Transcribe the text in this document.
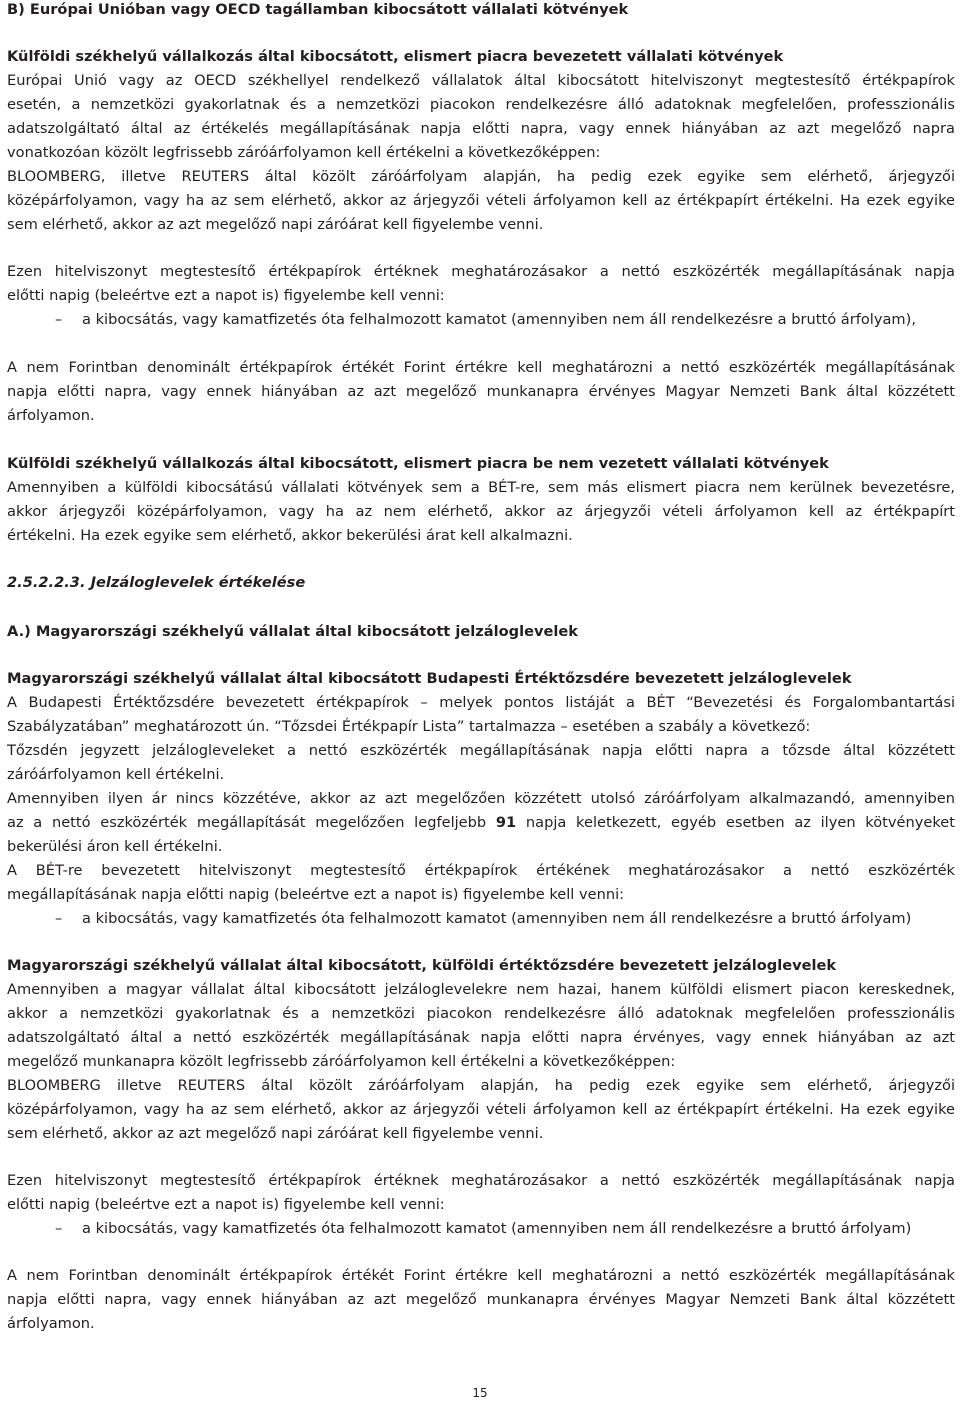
B) Európai Unióban vagy OECD tagállamban kibocsátott vállalati kötvények
Külföldi székhelyű vállalkozás által kibocsátott, elismert piacra bevezetett vállalati kötvények
Európai Unió vagy az OECD székhellyel rendelkező vállalatok által kibocsátott hitelviszonyt megtestesítő értékpapírok
esetén, a nemzetközi gyakorlatnak és a nemzetközi piacokon rendelkezésre álló adatoknak megfelelően, professzionális
adatszolgáltató által az értékelés megállapításának napja előtti napra, vagy ennek hiányában az azt megelőző napra
vonatkozóan közölt legfrissebb záróárfolyamon kell értékelni a következőképpen:
BLOOMBERG, illetve REUTERS által közölt záróárfolyam alapján, ha pedig ezek egyike sem elérhető, árjegyzői
középárfolyamon, vagy ha az sem elérhető, akkor az árjegyzői vételi árfolyamon kell az értékpapírt értékelni. Ha ezek egyike
sem elérhető, akkor az azt megelőző napi záróárat kell figyelembe venni.
Ezen hitelviszonyt megtestesítő értékpapírok értéknek meghatározásakor a nettó eszközérték megállapításának napja
előtti napig (beleértve ezt a napot is) figyelembe kell venni:
– a kibocsátás, vagy kamatfizetés óta felhalmozott kamatot (amennyiben nem áll rendelkezésre a bruttó árfolyam),
A nem Forintban denominált értékpapírok értékét Forint értékre kell meghatározni a nettó eszközérték megállapításának
napja előtti napra, vagy ennek hiányában az azt megelőző munkanapra érvényes Magyar Nemzeti Bank által közzétett
árfolyamon.
Külföldi székhelyű vállalkozás által kibocsátott, elismert piacra be nem vezetett vállalati kötvények
Amennyiben a külföldi kibocsátású vállalati kötvények sem a BÉT-re, sem más elismert piacra nem kerülnek bevezetésre,
akkor árjegyzői középárfolyamon, vagy ha az nem elérhető, akkor az árjegyzői vételi árfolyamon kell az értékpapírt
értékelni. Ha ezek egyike sem elérhető, akkor bekerülési árat kell alkalmazni.
2.5.2.2.3. Jelzáloglevelek értékelése
A.) Magyarországi székhelyű vállalat által kibocsátott jelzáloglevelek
Magyarországi székhelyű vállalat által kibocsátott Budapesti Értéktőzsdére bevezetett jelzáloglevelek
A Budapesti Értéktőzsdére bevezetett értékpapírok – melyek pontos listáját a BÉT “Bevezetési és Forgalombantartási
Szabályzatában” meghatározott ún. “Tőzsdei Értékpapír Lista” tartalmazza – esetében a szabály a következő:
Tőzsdén jegyzett jelzálogleveleket a nettó eszközérték megállapításának napja előtti napra a tőzsde által közzétett
záróárfolyamon kell értékelni.
Amennyiben ilyen ár nincs közzétéve, akkor az azt megelőzően közzétett utolsó záróárfolyam alkalmazandó, amennyiben
az a nettó eszközérték megállapítását megelőzően legfeljebb 91 napja keletkezett, egyéb esetben az ilyen kötvényeket
bekerülési áron kell értékelni.
A BÉT-re bevezetett hitelviszonyt megtestesítő értékpapírok értékének meghatározásakor a nettó eszközérték
megállapításának napja előtti napig (beleértve ezt a napot is) figyelembe kell venni:
– a kibocsátás, vagy kamatfizetés óta felhalmozott kamatot (amennyiben nem áll rendelkezésre a bruttó árfolyam)
Magyarországi székhelyű vállalat által kibocsátott, külföldi értéktőzsdére bevezetett jelzáloglevelek
Amennyiben a magyar vállalat által kibocsátott jelzáloglevelekre nem hazai, hanem külföldi elismert piacon kereskednek,
akkor a nemzetközi gyakorlatnak és a nemzetközi piacokon rendelkezésre álló adatoknak megfelelően professzionális
adatszolgáltató által a nettó eszközérték megállapításának napja előtti napra érvényes, vagy ennek hiányában az azt
megelőző munkanapra közölt legfrissebb záróárfolyamon kell értékelni a következőképpen:
BLOOMBERG illetve REUTERS által közölt záróárfolyam alapján, ha pedig ezek egyike sem elérhető, árjegyzői
középárfolyamon, vagy ha az sem elérhető, akkor az árjegyzői vételi árfolyamon kell az értékpapírt értékelni. Ha ezek egyike
sem elérhető, akkor az azt megelőző napi záróárat kell figyelembe venni.
Ezen hitelviszonyt megtestesítő értékpapírok értéknek meghatározásakor a nettó eszközérték megállapításának napja
előtti napig (beleértve ezt a napot is) figyelembe kell venni:
– a kibocsátás, vagy kamatfizetés óta felhalmozott kamatot (amennyiben nem áll rendelkezésre a bruttó árfolyam)
A nem Forintban denominált értékpapírok értékét Forint értékre kell meghatározni a nettó eszközérték megállapításának
napja előtti napra, vagy ennek hiányában az azt megelőző munkanapra érvényes Magyar Nemzeti Bank által közzétett
árfolyamon.
15
